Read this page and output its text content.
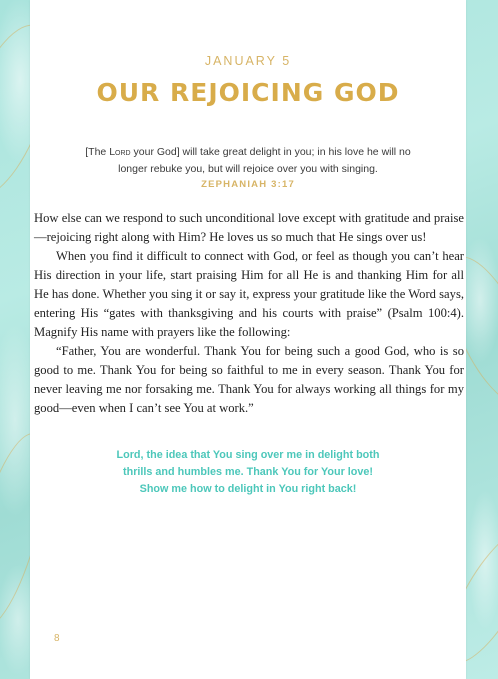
JANUARY 5
OUR REJOICING GOD
[The Lord your God] will take great delight in you; in his love he will no longer rebuke you, but will rejoice over you with singing.
ZEPHANIAH 3:17

How else can we respond to such unconditional love except with gratitude and praise—rejoicing right along with Him? He loves us so much that He sings over us!

When you find it difficult to connect with God, or feel as though you can’t hear His direction in your life, start praising Him for all He is and thanking Him for all He has done. Whether you sing it or say it, express your gratitude like the Word says, entering His “gates with thanksgiving and his courts with praise” (Psalm 100:4). Magnify His name with prayers like the following:

“Father, You are wonderful. Thank You for being such a good God, who is so good to me. Thank You for being so faithful to me in every season. Thank You for never leaving me nor forsaking me. Thank You for always working all things for my good—even when I can’t see You at work.”

Lord, the idea that You sing over me in delight both
thrills and humbles me. Thank You for Your love!
Show me how to delight in You right back!
8
